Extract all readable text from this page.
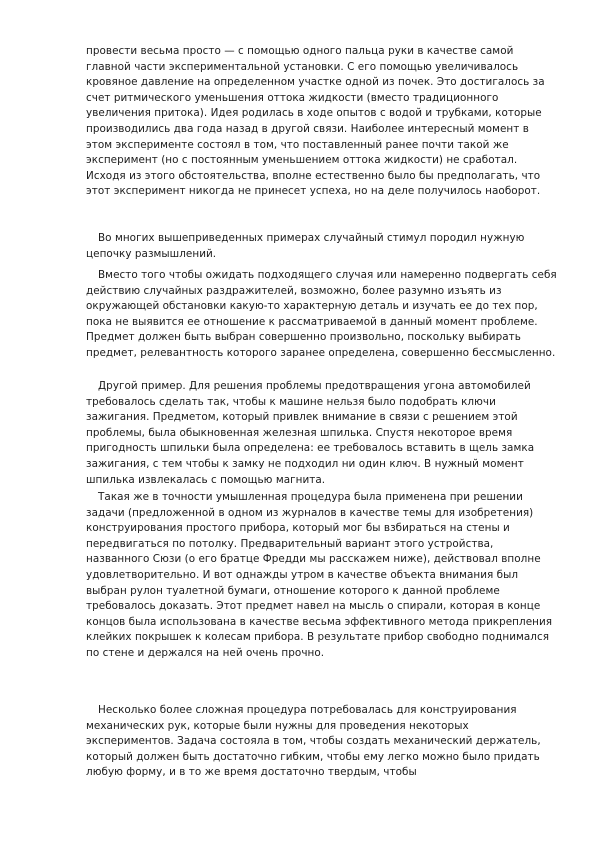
провести весьма просто — с помощью одного пальца руки в качестве самой главной части экспериментальной установки. С его помощью увеличивалось кровяное давление на определенном участке одной из почек. Это достигалось за счет ритмического уменьшения оттока жидкости (вместо традиционного увеличения притока). Идея родилась в ходе опытов с водой и трубками, которые производились два года назад в другой связи. Наиболее интересный момент в этом эксперименте состоял в том, что поставленный ранее почти такой же эксперимент (но с постоянным уменьшением оттока жидкости) не сработал. Исходя из этого обстоятельства, вполне естественно было бы предполагать, что этот эксперимент никогда не принесет успеха, но на деле получилось наоборот.

Во многих вышеприведенных примерах случайный стимул породил нужную цепочку размышлений.

Вместо того чтобы ожидать подходящего случая или намеренно подвергать себя действию случайных раздражителей, возможно, более разумно изъять из окружающей обстановки какую-то характерную деталь и изучать ее до тех пор, пока не выявится ее отношение к рассматриваемой в данный момент проблеме. Предмет должен быть выбран совершенно произвольно, поскольку выбирать предмет, релевантность которого заранее определена, совершенно бессмысленно.

Другой пример. Для решения проблемы предотвращения угона автомобилей требовалось сделать так, чтобы к машине нельзя было подобрать ключи зажигания. Предметом, который привлек внимание в связи с решением этой проблемы, была обыкновенная железная шпилька. Спустя некоторое время пригодность шпильки была определена: ее требовалось вставить в щель замка зажигания, с тем чтобы к замку не подходил ни один ключ. В нужный момент шпилька извлекалась с помощью магнита.

Такая же в точности умышленная процедура была применена при решении задачи (предложенной в одном из журналов в качестве темы для изобретения) конструирования простого прибора, который мог бы взбираться на стены и передвигаться по потолку. Предварительный вариант этого устройства, названного Сюзи (о его братце Фредди мы расскажем ниже), действовал вполне удовлетворительно. И вот однажды утром в качестве объекта внимания был выбран рулон туалетной бумаги, отношение которого к данной проблеме требовалось доказать. Этот предмет навел на мысль о спирали, которая в конце концов была использована в качестве весьма эффективного метода прикрепления клейких покрышек к колесам прибора. В результате прибор свободно поднимался по стене и держался на ней очень прочно.

Несколько более сложная процедура потребовалась для конструирования механических рук, которые были нужны для проведения некоторых экспериментов. Задача состояла в том, чтобы создать механический держатель, который должен быть достаточно гибким, чтобы ему легко можно было придать любую форму, и в то же время достаточно твердым, чтобы
